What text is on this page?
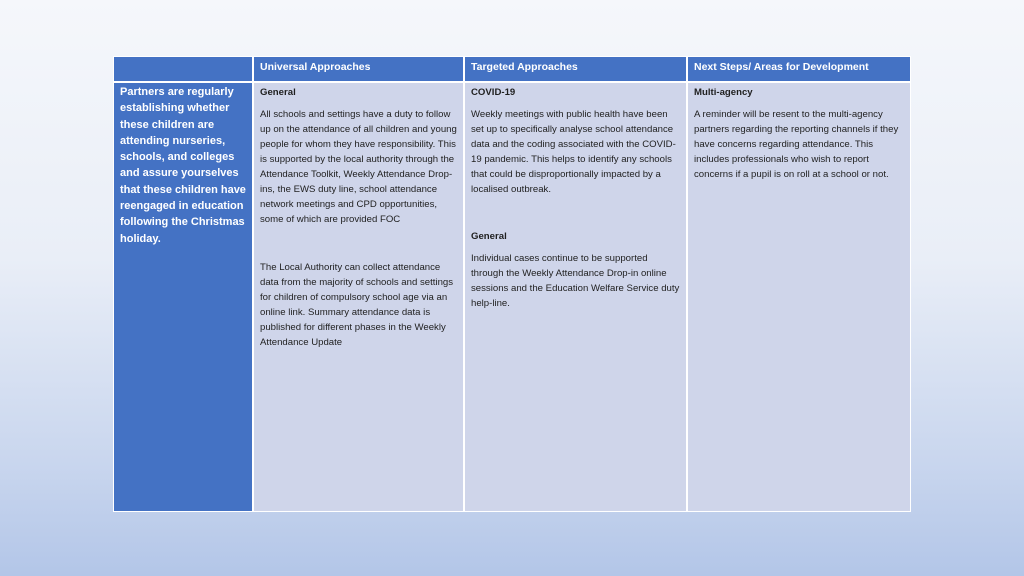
Universal Approaches	Targeted Approaches	Next Steps/ Areas for Development
Partners are regularly establishing whether these children are attending nurseries, schools, and colleges and assure yourselves that these children have reengaged in education following the Christmas holiday.

General

All schools and settings have a duty to follow up on the attendance of all children and young people for whom they have responsibility. This is supported by the local authority through the Attendance Toolkit, Weekly Attendance Drop-ins, the EWS duty line, school attendance network meetings and CPD opportunities, some of which are provided FOC

The Local Authority can collect attendance data from the majority of schools and settings for children of compulsory school age via an online link. Summary attendance data is published for different phases in the Weekly Attendance Update

COVID-19

Weekly meetings with public health have been set up to specifically analyse school attendance data and the coding associated with the COVID-19 pandemic. This helps to identify any schools that could be disproportionally impacted by a localised outbreak.

General

Individual cases continue to be supported through the Weekly Attendance Drop-in online sessions and the Education Welfare Service duty help-line.

Multi-agency

A reminder will be resent to the multi-agency partners regarding the reporting channels if they have concerns regarding attendance. This includes professionals who wish to report concerns if a pupil is on roll at a school or not.
